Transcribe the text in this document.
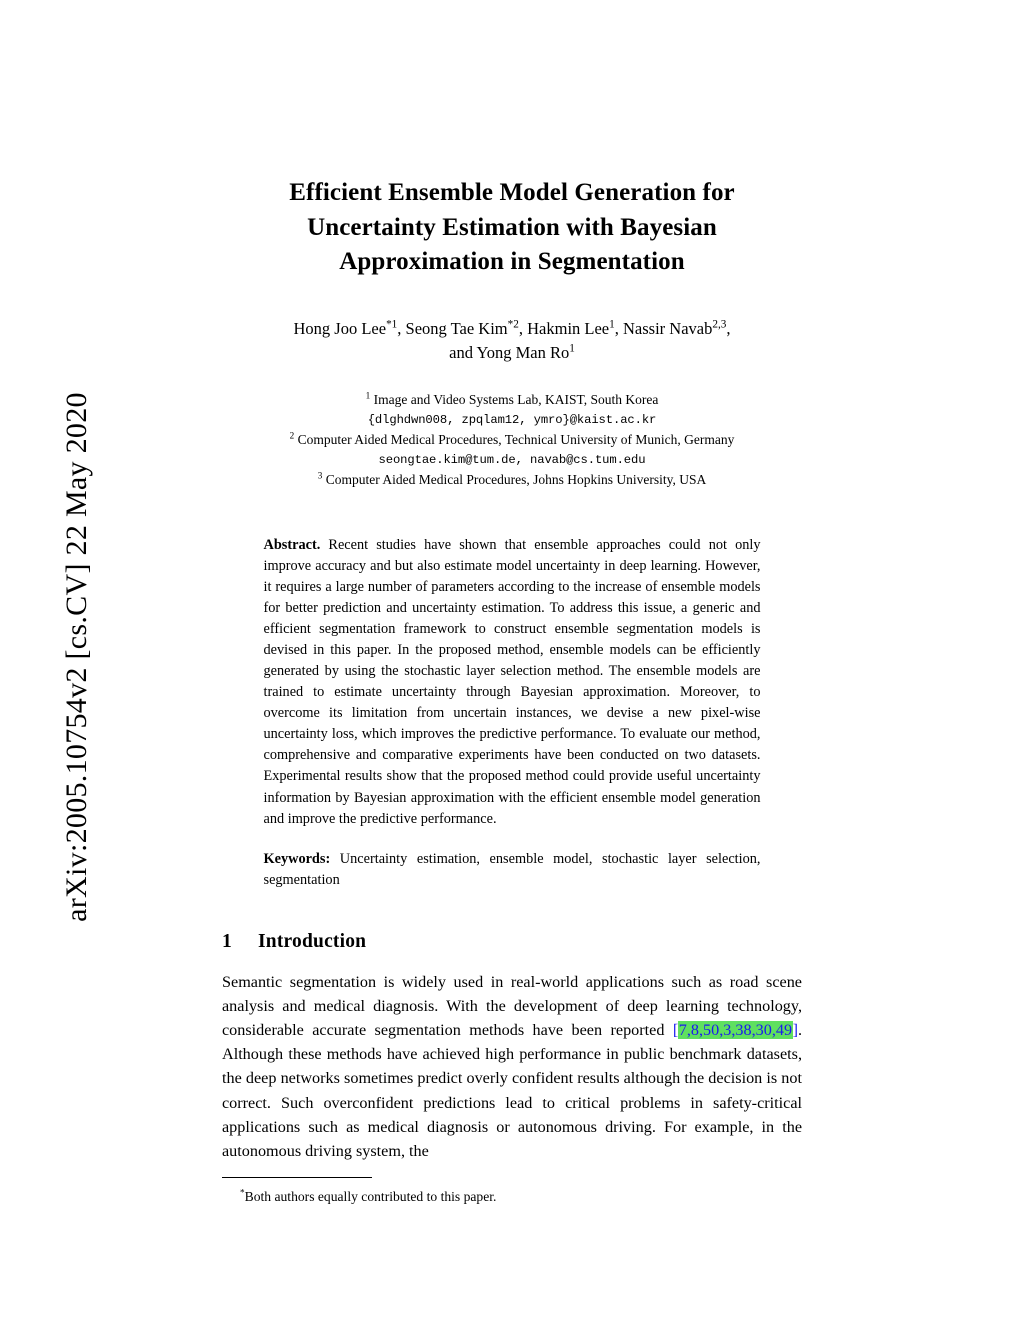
arXiv:2005.10754v2 [cs.CV] 22 May 2020
Efficient Ensemble Model Generation for
Uncertainty Estimation with Bayesian
Approximation in Segmentation
Hong Joo Lee$^{*1}$, Seong Tae Kim$^{*2}$, Hakmin Lee$^1$, Nassir Navab$^{2,3}$,
and Yong Man Ro$^1$
$^1$ Image and Video Systems Lab, KAIST, South Korea
{dlghdwn008, zpqlam12, ymro}@kaist.ac.kr
$^2$ Computer Aided Medical Procedures, Technical University of Munich, Germany
seongtae.kim@tum.de, navab@cs.tum.edu
$^3$ Computer Aided Medical Procedures, Johns Hopkins University, USA
Abstract. Recent studies have shown that ensemble approaches could not only improve accuracy and but also estimate model uncertainty in deep learning. However, it requires a large number of parameters according to the increase of ensemble models for better prediction and uncertainty estimation. To address this issue, a generic and efficient segmentation framework to construct ensemble segmentation models is devised in this paper. In the proposed method, ensemble models can be efficiently generated by using the stochastic layer selection method. The ensemble models are trained to estimate uncertainty through Bayesian approximation. Moreover, to overcome its limitation from uncertain instances, we devise a new pixel-wise uncertainty loss, which improves the predictive performance. To evaluate our method, comprehensive and comparative experiments have been conducted on two datasets. Experimental results show that the proposed method could provide useful uncertainty information by Bayesian approximation with the efficient ensemble model generation and improve the predictive performance.
Keywords: Uncertainty estimation, ensemble model, stochastic layer selection, segmentation
1 Introduction
Semantic segmentation is widely used in real-world applications such as road scene analysis and medical diagnosis. With the development of deep learning technology, considerable accurate segmentation methods have been reported [7,8,50,3,38,30,49]. Although these methods have achieved high performance in public benchmark datasets, the deep networks sometimes predict overly confident results although the decision is not correct. Such overconfident predictions lead to critical problems in safety-critical applications such as medical diagnosis or autonomous driving. For example, in the autonomous driving system, the
*Both authors equally contributed to this paper.
